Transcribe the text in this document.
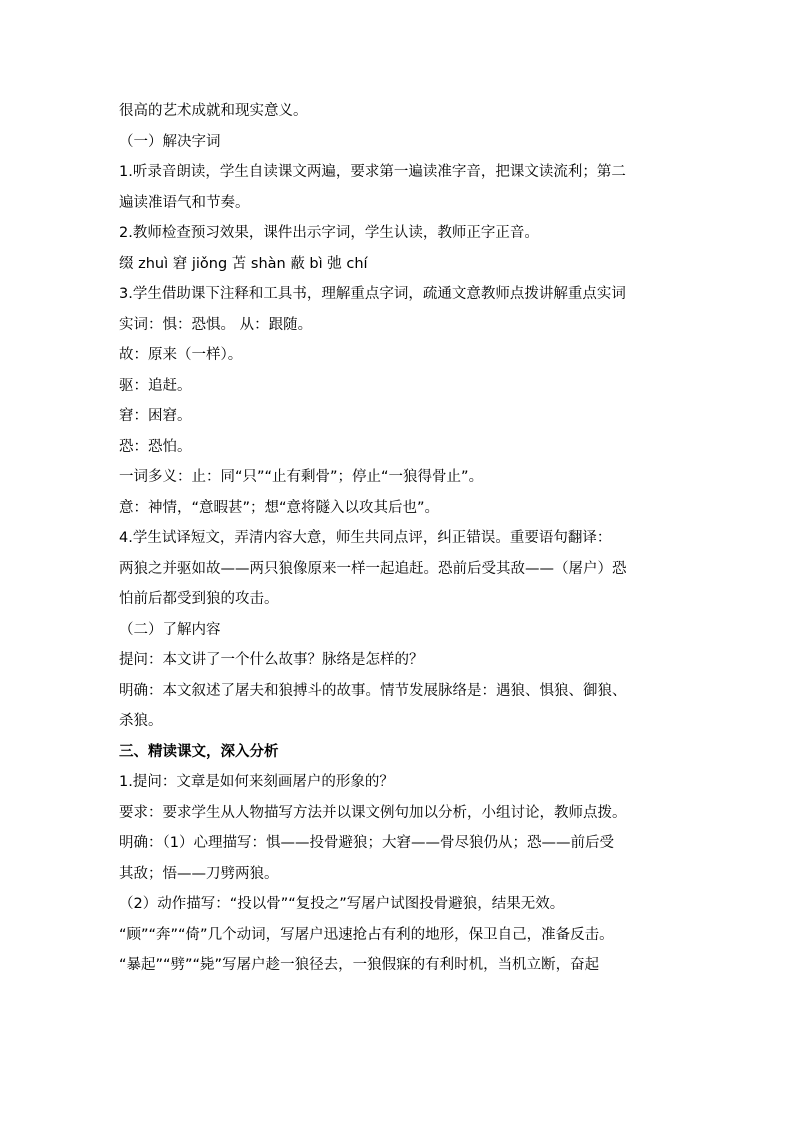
很高的艺术成就和现实意义。
（一）解决字词
1.听录音朗读，学生自读课文两遍，要求第一遍读准字音，把课文读流利；第二
遍读准语气和节奏。
2.教师检查预习效果，课件出示字词，学生认读，教师正字正音。
缀 zhuì 窘 jiǒng 苫 shàn 蔽 bì 弛 chí
3.学生借助课下注释和工具书，理解重点字词，疏通文意教师点拨讲解重点实词
实词：惧：恐惧。 从：跟随。
故：原来（一样）。
驱：追赶。
窘：困窘。
恐：恐怕。
一词多义：止：同“只”“止有剩骨”；停止“一狼得骨止”。
意：神情，“意暇甚”；想“意将隧入以攻其后也”。
4.学生试译短文，弄清内容大意，师生共同点评，纠正错误。重要语句翻译：
两狼之并驱如故——两只狼像原来一样一起追赶。恐前后受其敌——（屠户）恐
怕前后都受到狼的攻击。
（二）了解内容
提问：本文讲了一个什么故事？脉络是怎样的？
明确：本文叙述了屠夫和狼搏斗的故事。情节发展脉络是：遇狼、惧狼、御狼、
杀狼。
三、精读课文，深入分析
1.提问：文章是如何来刻画屠户的形象的？
要求：要求学生从人物描写方法并以课文例句加以分析，小组讨论，教师点拨。
明确：（1）心理描写：惧——投骨避狼；大窘——骨尽狼仍从；恐——前后受
其敌；悟——刀劈两狼。
（2）动作描写：“投以骨”“复投之”写屠户试图投骨避狼，结果无效。
“顾”“奔”“倚”几个动词，写屠户迅速抢占有利的地形，保卫自己，准备反击。
“暴起”“劈”“毙”写屠户趁一狼径去，一狼假寐的有利时机，当机立断，奋起
